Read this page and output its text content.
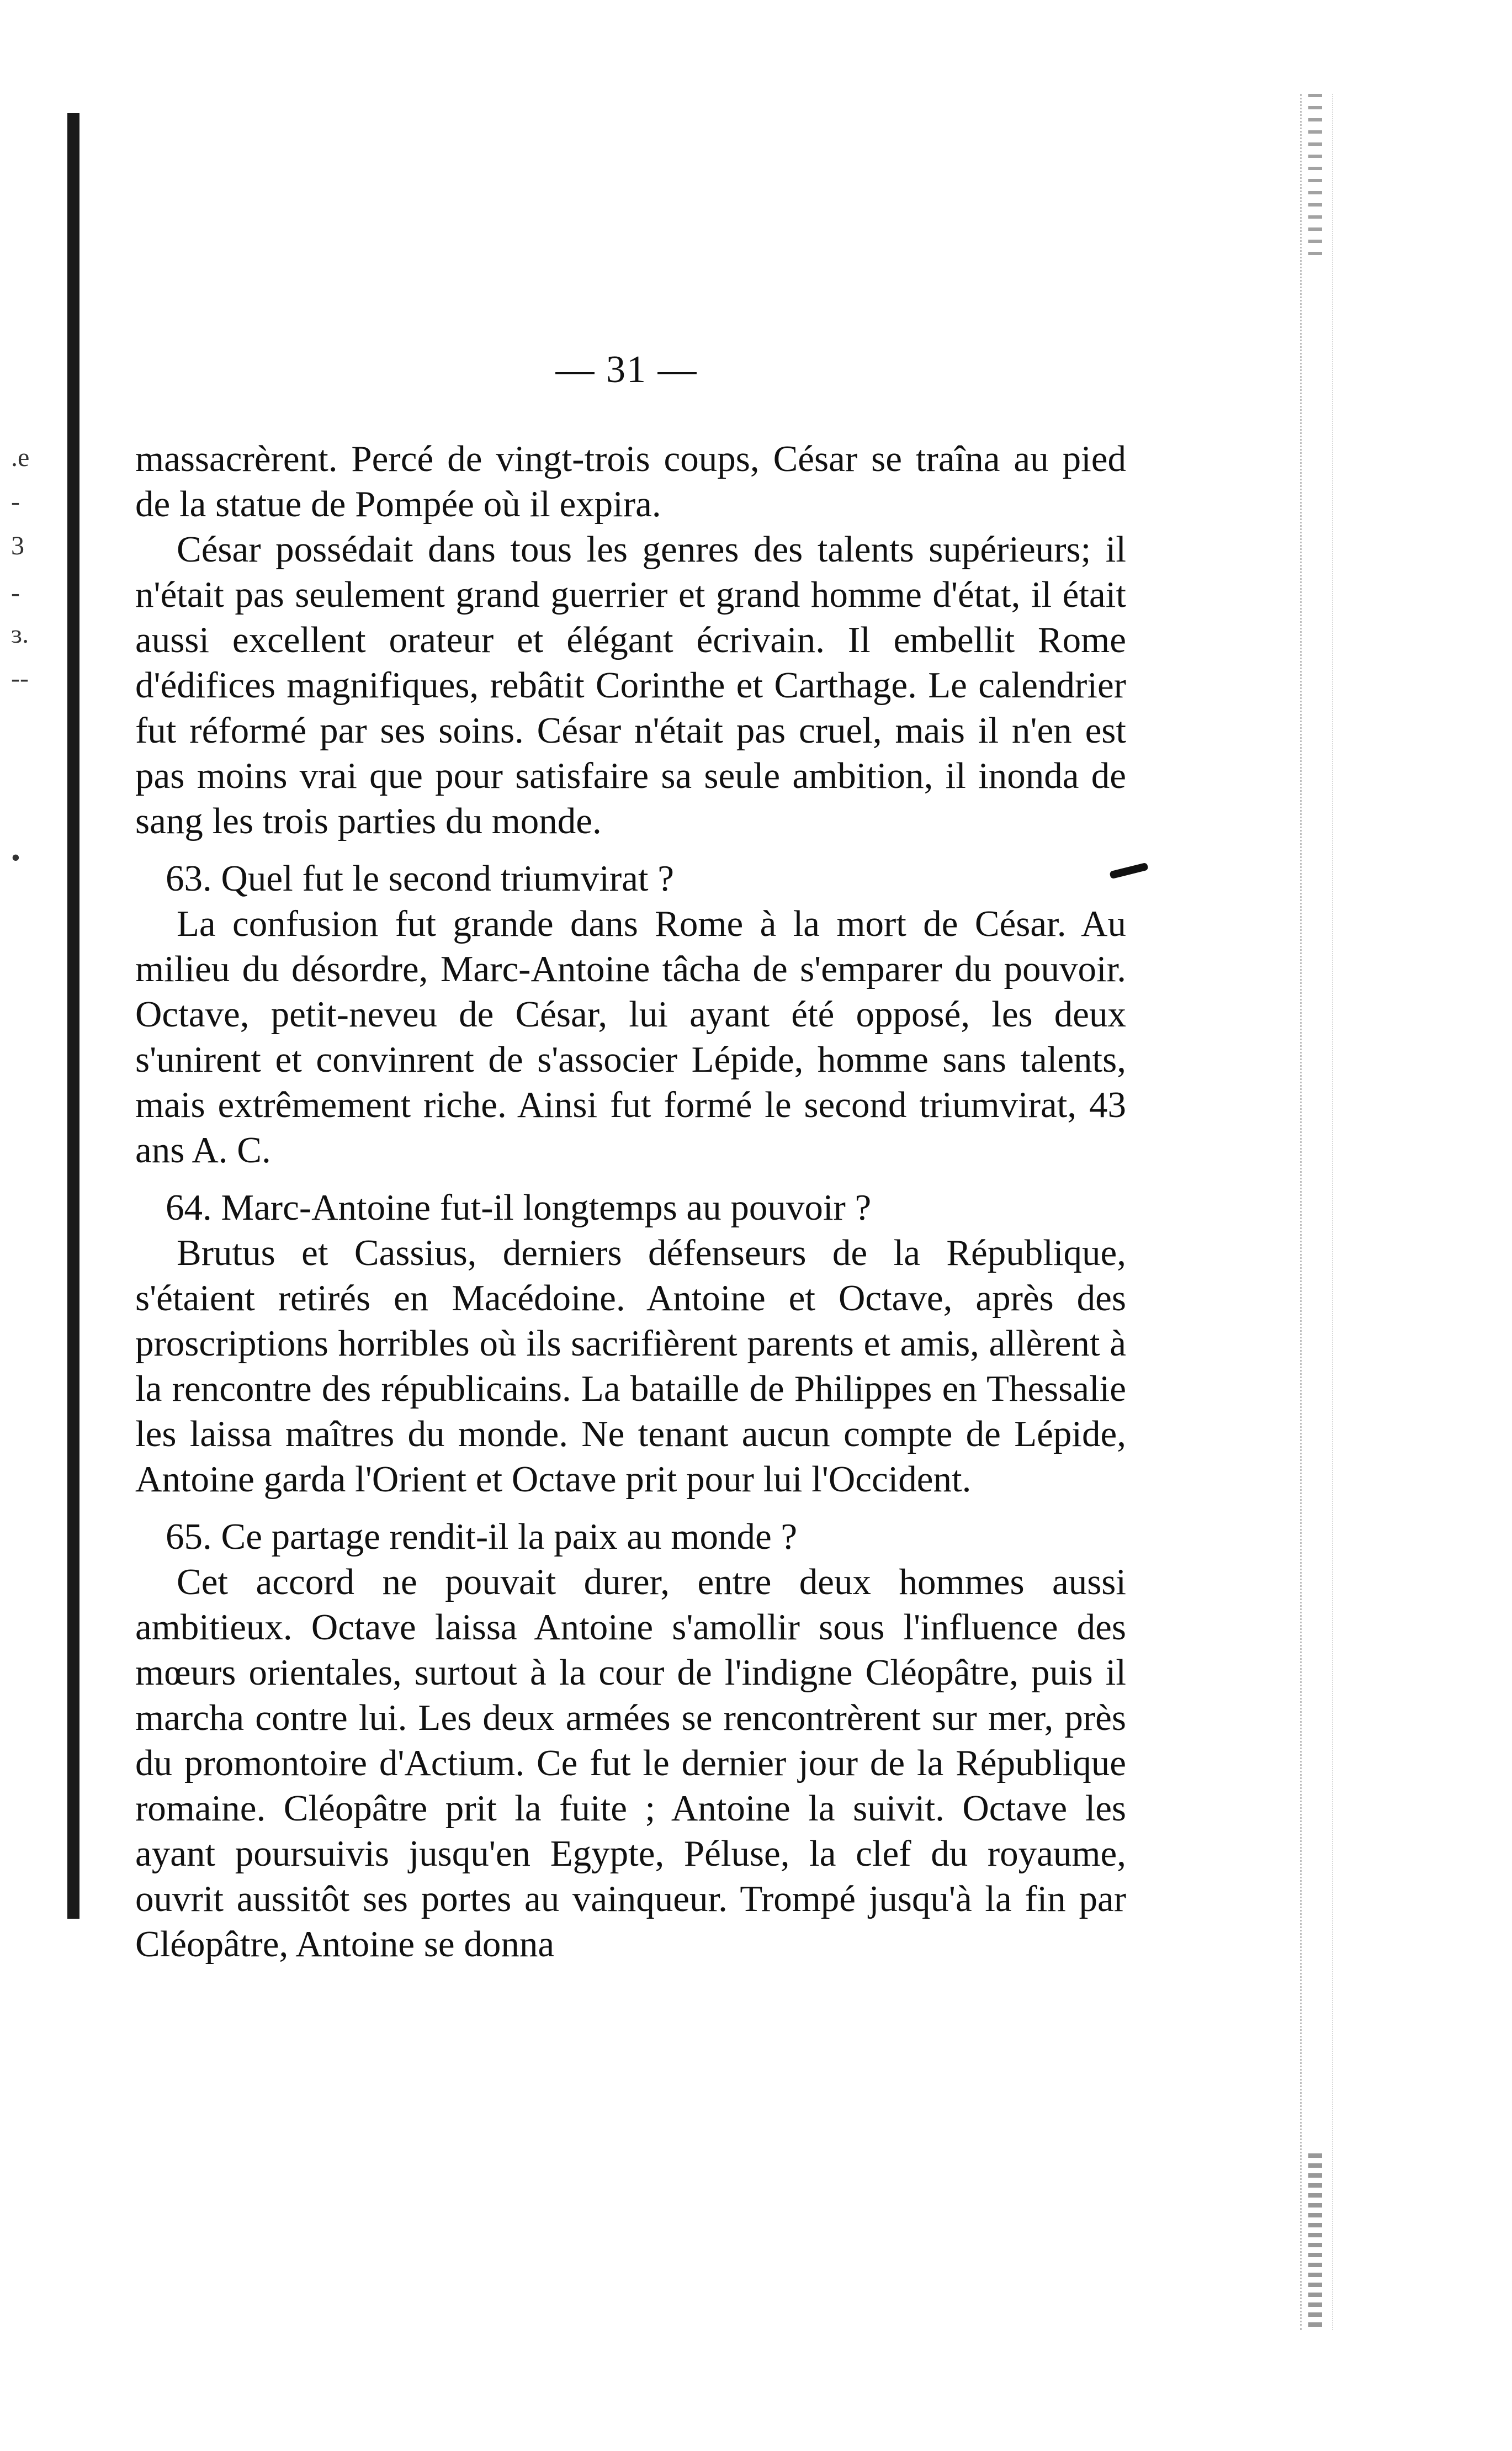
.e
-
3
-
ɜ.
--
•
— 31 —

massacrèrent. Percé de vingt-trois coups, César se traîna au pied de la statue de Pompée où il expira.

César possédait dans tous les genres des talents supérieurs; il n'était pas seulement grand guerrier et grand homme d'état, il était aussi excellent orateur et élégant écrivain. Il embellit Rome d'édifices magnifiques, rebâtit Corinthe et Carthage. Le calendrier fut réformé par ses soins. César n'était pas cruel, mais il n'en est pas moins vrai que pour satisfaire sa seule ambition, il inonda de sang les trois parties du monde.

63. Quel fut le second triumvirat ?

La confusion fut grande dans Rome à la mort de César. Au milieu du désordre, Marc-Antoine tâcha de s'emparer du pouvoir. Octave, petit-neveu de César, lui ayant été opposé, les deux s'unirent et convinrent de s'associer Lépide, homme sans talents, mais extrêmement riche. Ainsi fut formé le second triumvirat, 43 ans A. C.

64. Marc-Antoine fut-il longtemps au pouvoir ?

Brutus et Cassius, derniers défenseurs de la République, s'étaient retirés en Macédoine. Antoine et Octave, après des proscriptions horribles où ils sacrifièrent parents et amis, allèrent à la rencontre des républicains. La bataille de Philippes en Thessalie les laissa maîtres du monde. Ne tenant aucun compte de Lépide, Antoine garda l'Orient et Octave prit pour lui l'Occident.

65. Ce partage rendit-il la paix au monde ?

Cet accord ne pouvait durer, entre deux hommes aussi ambitieux. Octave laissa Antoine s'amollir sous l'influence des mœurs orientales, surtout à la cour de l'indigne Cléopâtre, puis il marcha contre lui. Les deux armées se rencontrèrent sur mer, près du promontoire d'Actium. Ce fut le dernier jour de la République romaine. Cléopâtre prit la fuite ; Antoine la suivit. Octave les ayant poursuivis jusqu'en Egypte, Péluse, la clef du royaume, ouvrit aussitôt ses portes au vainqueur. Trompé jusqu'à la fin par Cléopâtre, Antoine se donna
